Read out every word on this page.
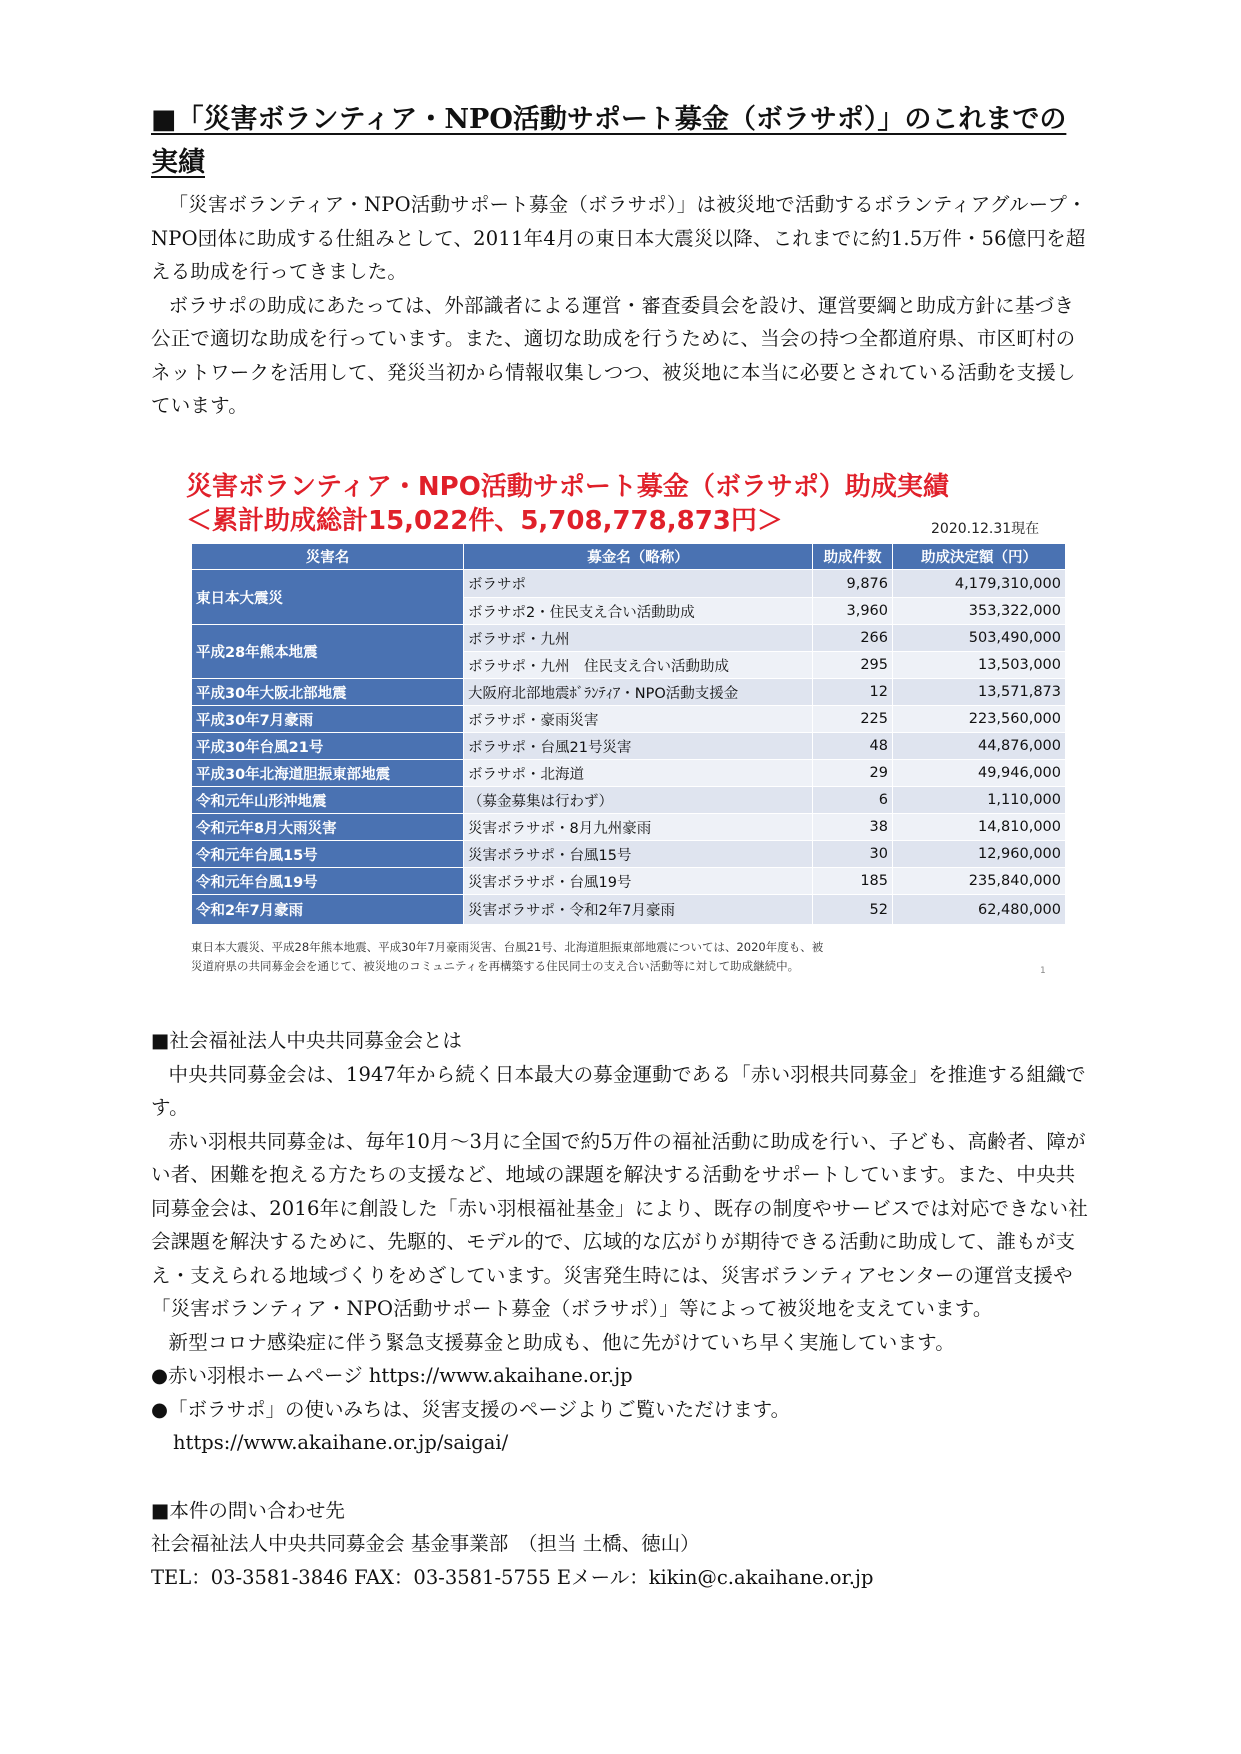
■「災害ボランティア・NPO活動サポート募金（ボラサポ）」のこれまでの実績

「災害ボランティア・NPO活動サポート募金（ボラサポ）」は被災地で活動するボランティアグループ・NPO団体に助成する仕組みとして、2011年4月の東日本大震災以降、これまでに約1.5万件・56億円を超える助成を行ってきました。

ボラサポの助成にあたっては、外部識者による運営・審査委員会を設け、運営要綱と助成方針に基づき公正で適切な助成を行っています。また、適切な助成を行うために、当会の持つ全都道府県、市区町村のネットワークを活用して、発災当初から情報収集しつつ、被災地に本当に必要とされている活動を支援しています。

災害ボランティア・NPO活動サポート募金（ボラサポ）助成実績

＜累計助成総計15,022件、5,708,778,873円＞	2020.12.31現在
災害名	募金名（略称）	助成件数	助成決定額（円）
東日本大震災	ボラサポ	9,876	4,179,310,000
	ボラサポ2・住民支え合い活動助成	3,960	353,322,000
平成28年熊本地震	ボラサポ・九州	266	503,490,000
	ボラサポ・九州　住民支え合い活動助成	295	13,503,000
平成30年大阪北部地震	大阪府北部地震ﾎﾞﾗﾝﾃｨｱ・NPO活動支援金	12	13,571,873
平成30年7月豪雨	ボラサポ・豪雨災害	225	223,560,000
平成30年台風21号	ボラサポ・台風21号災害	48	44,876,000
平成30年北海道胆振東部地震	ボラサポ・北海道	29	49,946,000
令和元年山形沖地震	（募金募集は行わず）	6	1,110,000
令和元年8月大雨災害	災害ボラサポ・8月九州豪雨	38	14,810,000
令和元年台風15号	災害ボラサポ・台風15号	30	12,960,000
令和元年台風19号	災害ボラサポ・台風19号	185	235,840,000
令和2年7月豪雨	災害ボラサポ・令和2年7月豪雨	52	62,480,000
東日本大震災、平成28年熊本地震、平成30年7月豪雨災害、台風21号、北海道胆振東部地震については、2020年度も、被
災道府県の共同募金会を通じて、被災地のコミュニティを再構築する住民同士の支え合い活動等に対して助成継続中。	1

■社会福祉法人中央共同募金会とは

中央共同募金会は、1947年から続く日本最大の募金運動である「赤い羽根共同募金」を推進する組織です。

赤い羽根共同募金は、毎年10月～3月に全国で約5万件の福祉活動に助成を行い、子ども、高齢者、障がい者、困難を抱える方たちの支援など、地域の課題を解決する活動をサポートしています。また、中央共同募金会は、2016年に創設した「赤い羽根福祉基金」により、既存の制度やサービスでは対応できない社会課題を解決するために、先駆的、モデル的で、広域的な広がりが期待できる活動に助成して、誰もが支え・支えられる地域づくりをめざしています。災害発生時には、災害ボランティアセンターの運営支援や「災害ボランティア・NPO活動サポート募金（ボラサポ）」等によって被災地を支えています。

新型コロナ感染症に伴う緊急支援募金と助成も、他に先がけていち早く実施しています。

●赤い羽根ホームページ https://www.akaihane.or.jp

●「ボラサポ」の使いみちは、災害支援のページよりご覧いただけます。

https://www.akaihane.or.jp/saigai/

■本件の問い合わせ先

社会福祉法人中央共同募金会 基金事業部　（担当 土橋、徳山）

TEL：03-3581-3846 FAX：03-3581-5755 Eメール：kikin@c.akaihane.or.jp
